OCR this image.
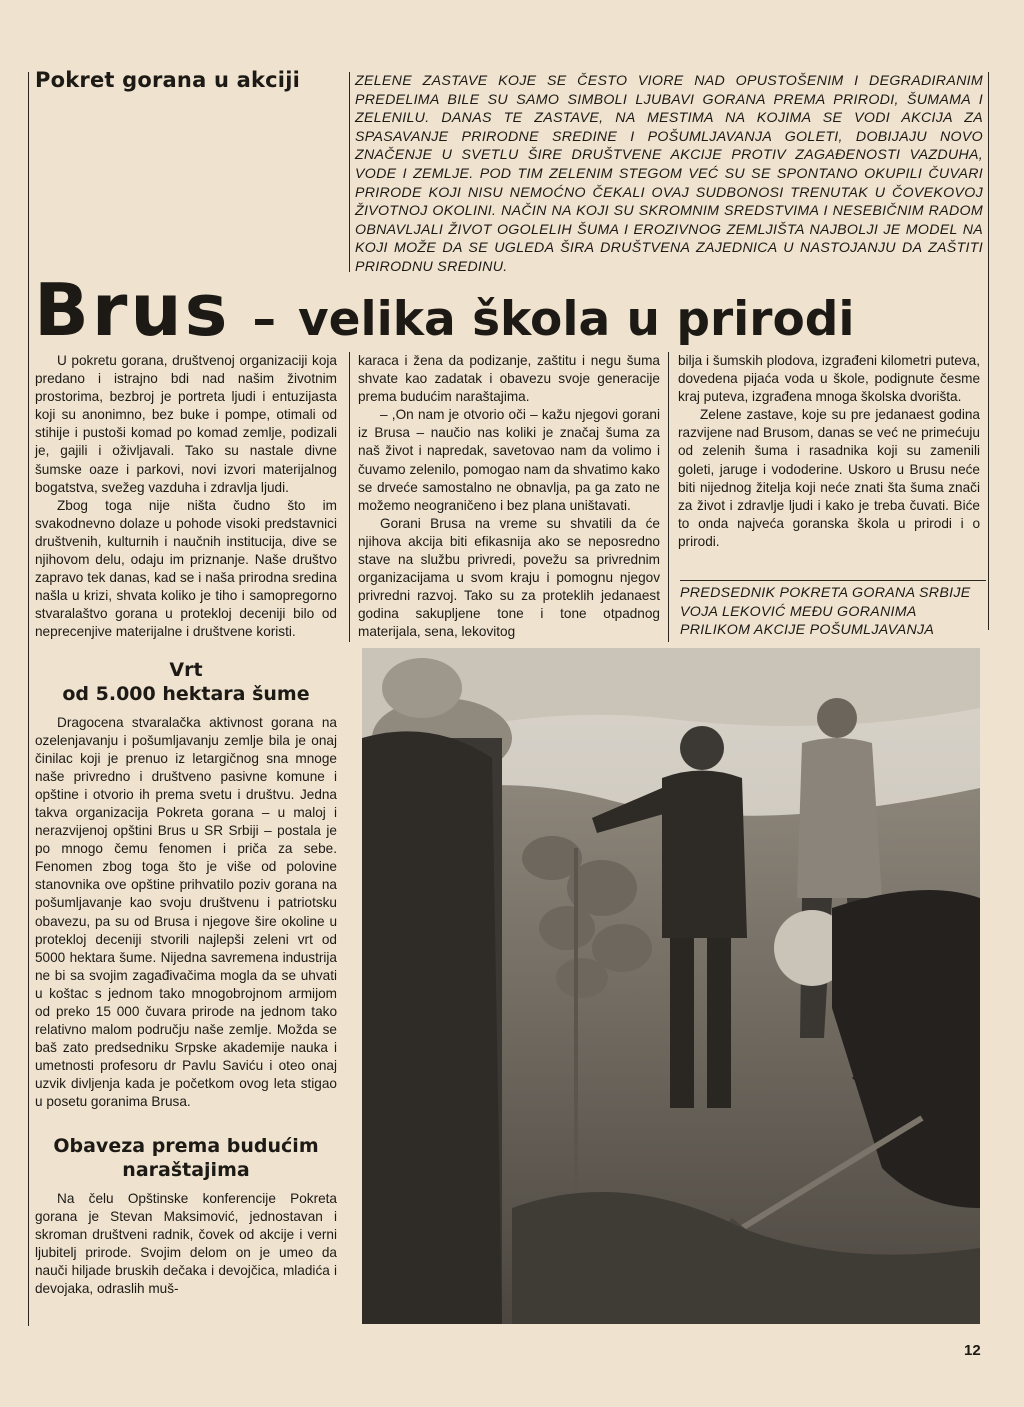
Pokret gorana u akciji	ZELENE ZASTAVE KOJE SE ČESTO VIORE NAD OPUSTOŠENIM I DEGRADIRANIM PREDELIMA BILE SU SAMO SIMBOLI LJUBAVI GORANA PREMA PRIRODI, ŠUMAMA I ZELENILU. DANAS TE ZASTAVE, NA MESTIMA NA KOJIMA SE VODI AKCIJA ZA SPASAVANJE PRIRODNE SREDINE I POŠUMLJAVANJA GOLETI, DOBIJAJU NOVO ZNAČENJE U SVETLU ŠIRE DRUŠTVENE AKCIJE PROTIV ZAGAĐENOSTI VAZDUHA, VODE I ZEMLJE. POD TIM ZELENIM STEGOM VEĆ SU SE SPONTANO OKUPILI ČUVARI PRIRODE KOJI NISU NEMOĆNO ČEKALI OVAJ SUDBONOSI TRENUTAK U ČOVEKOVOJ ŽIVOTNOJ OKOLINI. NAČIN NA KOJI SU SKROMNIM SREDSTVIMA I NESEBIČNIM RADOM OBNAVLJALI ŽIVOT OGOLELIH ŠUMA I EROZIVNOG ZEMLJIŠTA NAJBOLJI JE MODEL NA KOJI MOŽE DA SE UGLEDA ŠIRA DRUŠTVENA ZAJEDNICA U NASTOJANJU DA ZAŠTITI PRIRODNU SREDINU.

Brus – velika škola u prirodi

U pokretu gorana, društvenoj organizaciji koja predano i istrajno bdi nad našim životnim prostorima, bezbroj je portreta ljudi i entuzijasta koji su anonimno, bez buke i pompe, otimali od stihije i pustoši komad po komad zemlje, podizali je, gajili i oživljavali. Tako su nastale divne šumske oaze i parkovi, novi izvori materijalnog bogatstva, svežeg vazduha i zdravlja ljudi.

Zbog toga nije ništa čudno što im svakodnevno dolaze u pohode visoki predstavnici društvenih, kulturnih i naučnih institucija, dive se njihovom delu, odaju im priznanje. Naše društvo zapravo tek danas, kad se i naša prirodna sredina našla u krizi, shvata koliko je tiho i samopregorno stvaralaštvo gorana u proteklој deceniji bilo od neprecenjive materijalne i društvene koristi.

Vrt
od 5.000 hektara šume

Dragocena stvaralačka aktivnost gorana na ozelenjavanju i pošumljavanju zemlje bila je onaj činilac koji je prenuo iz letargičnog sna mnoge naše privredno i društveno pasivne komune i opštine i otvorio ih prema svetu i društvu. Jedna takva organizacija Pokreta gorana – u maloj i nerazvijenoj opštini Brus u SR Srbiji – postala je po mnogo čemu fenomen i priča za sebe. Fenomen zbog toga što je više od polovine stanovnika ove opštine prihvatilo poziv gorana na pošumljavanje kao svoju društvenu i patriotsku obavezu, pa su od Brusa i njegove šire okoline u proteklој deceniji stvorili najlepši zeleni vrt od 5000 hektara šume. Nijedna savremena industrija ne bi sa svojim zagađivačima mogla da se uhvati u koštac s jednom tako mnogobrojnom armijom od preko 15 000 čuvara prirode na jednom tako relativno malom području naše zemlje. Možda se baš zato predsedniku Srpske akademije nauka i umetnosti profesoru dr Pavlu Saviću i oteo onaj uzvik divljenja kada je početkom ovog leta stigao u posetu goranima Brusa.

Obaveza prema budućim
naraštajima

Na čelu Opštinske konferencije Pokreta gorana je Stevan Maksimović, jednostavan i skroman društveni radnik, čovek od akcije i verni ljubitelj prirode. Svojim delom on je umeo da nauči hiljade bruskih dečaka i devojčica, mladića i devojaka, odraslih muš-

karaca i žena da podizanje, zaštitu i negu šuma shvate kao zadatak i obavezu svoje generacije prema budućim naraštajima.

– ,On nam je otvorio oči – kažu njegovi gorani iz Brusa – naučio nas koliki je značaj šuma za naš život i napredak, savetovao nam da volimo i čuvamo zelenilo, pomogao nam da shvatimo kako se drveće samostalno ne obnavlja, pa ga zato ne možemo neograničeno i bez plana uništavati.

Gorani Brusa na vreme su shvatili da će njihova akcija biti efikasnija ako se neposredno stave na službu privredi, povežu sa privrednim organizacijama u svom kraju i pomognu njegov privredni razvoj. Tako su za proteklih jedanaest godina sakupljene tone i tone otpadnog materijala, sena, lekovitog

bilja i šumskih plodova, izgrađeni kilometri puteva, dovedena pijaća voda u škole, podignute česme kraj puteva, izgrađena mnoga školska dvorišta.

Zelene zastave, koje su pre jedanaest godina razvijene nad Brusom, danas se već ne primećuju od zelenih šuma i rasadnika koji su zamenili goleti, jaruge i vododerine. Uskoro u Brusu neće biti nijednog žitelja koji neće znati šta šuma znači za život i zdravlje ljudi i kako je treba čuvati. Biće to onda najveća goranska škola u prirodi i o prirodi.

PREDSEDNIK POKRETA GORANA SRBIJE VOJA LEKOVIĆ MEĐU GORANIMA PRILIKOM AKCIJE POŠUMLJAVANJA

12
